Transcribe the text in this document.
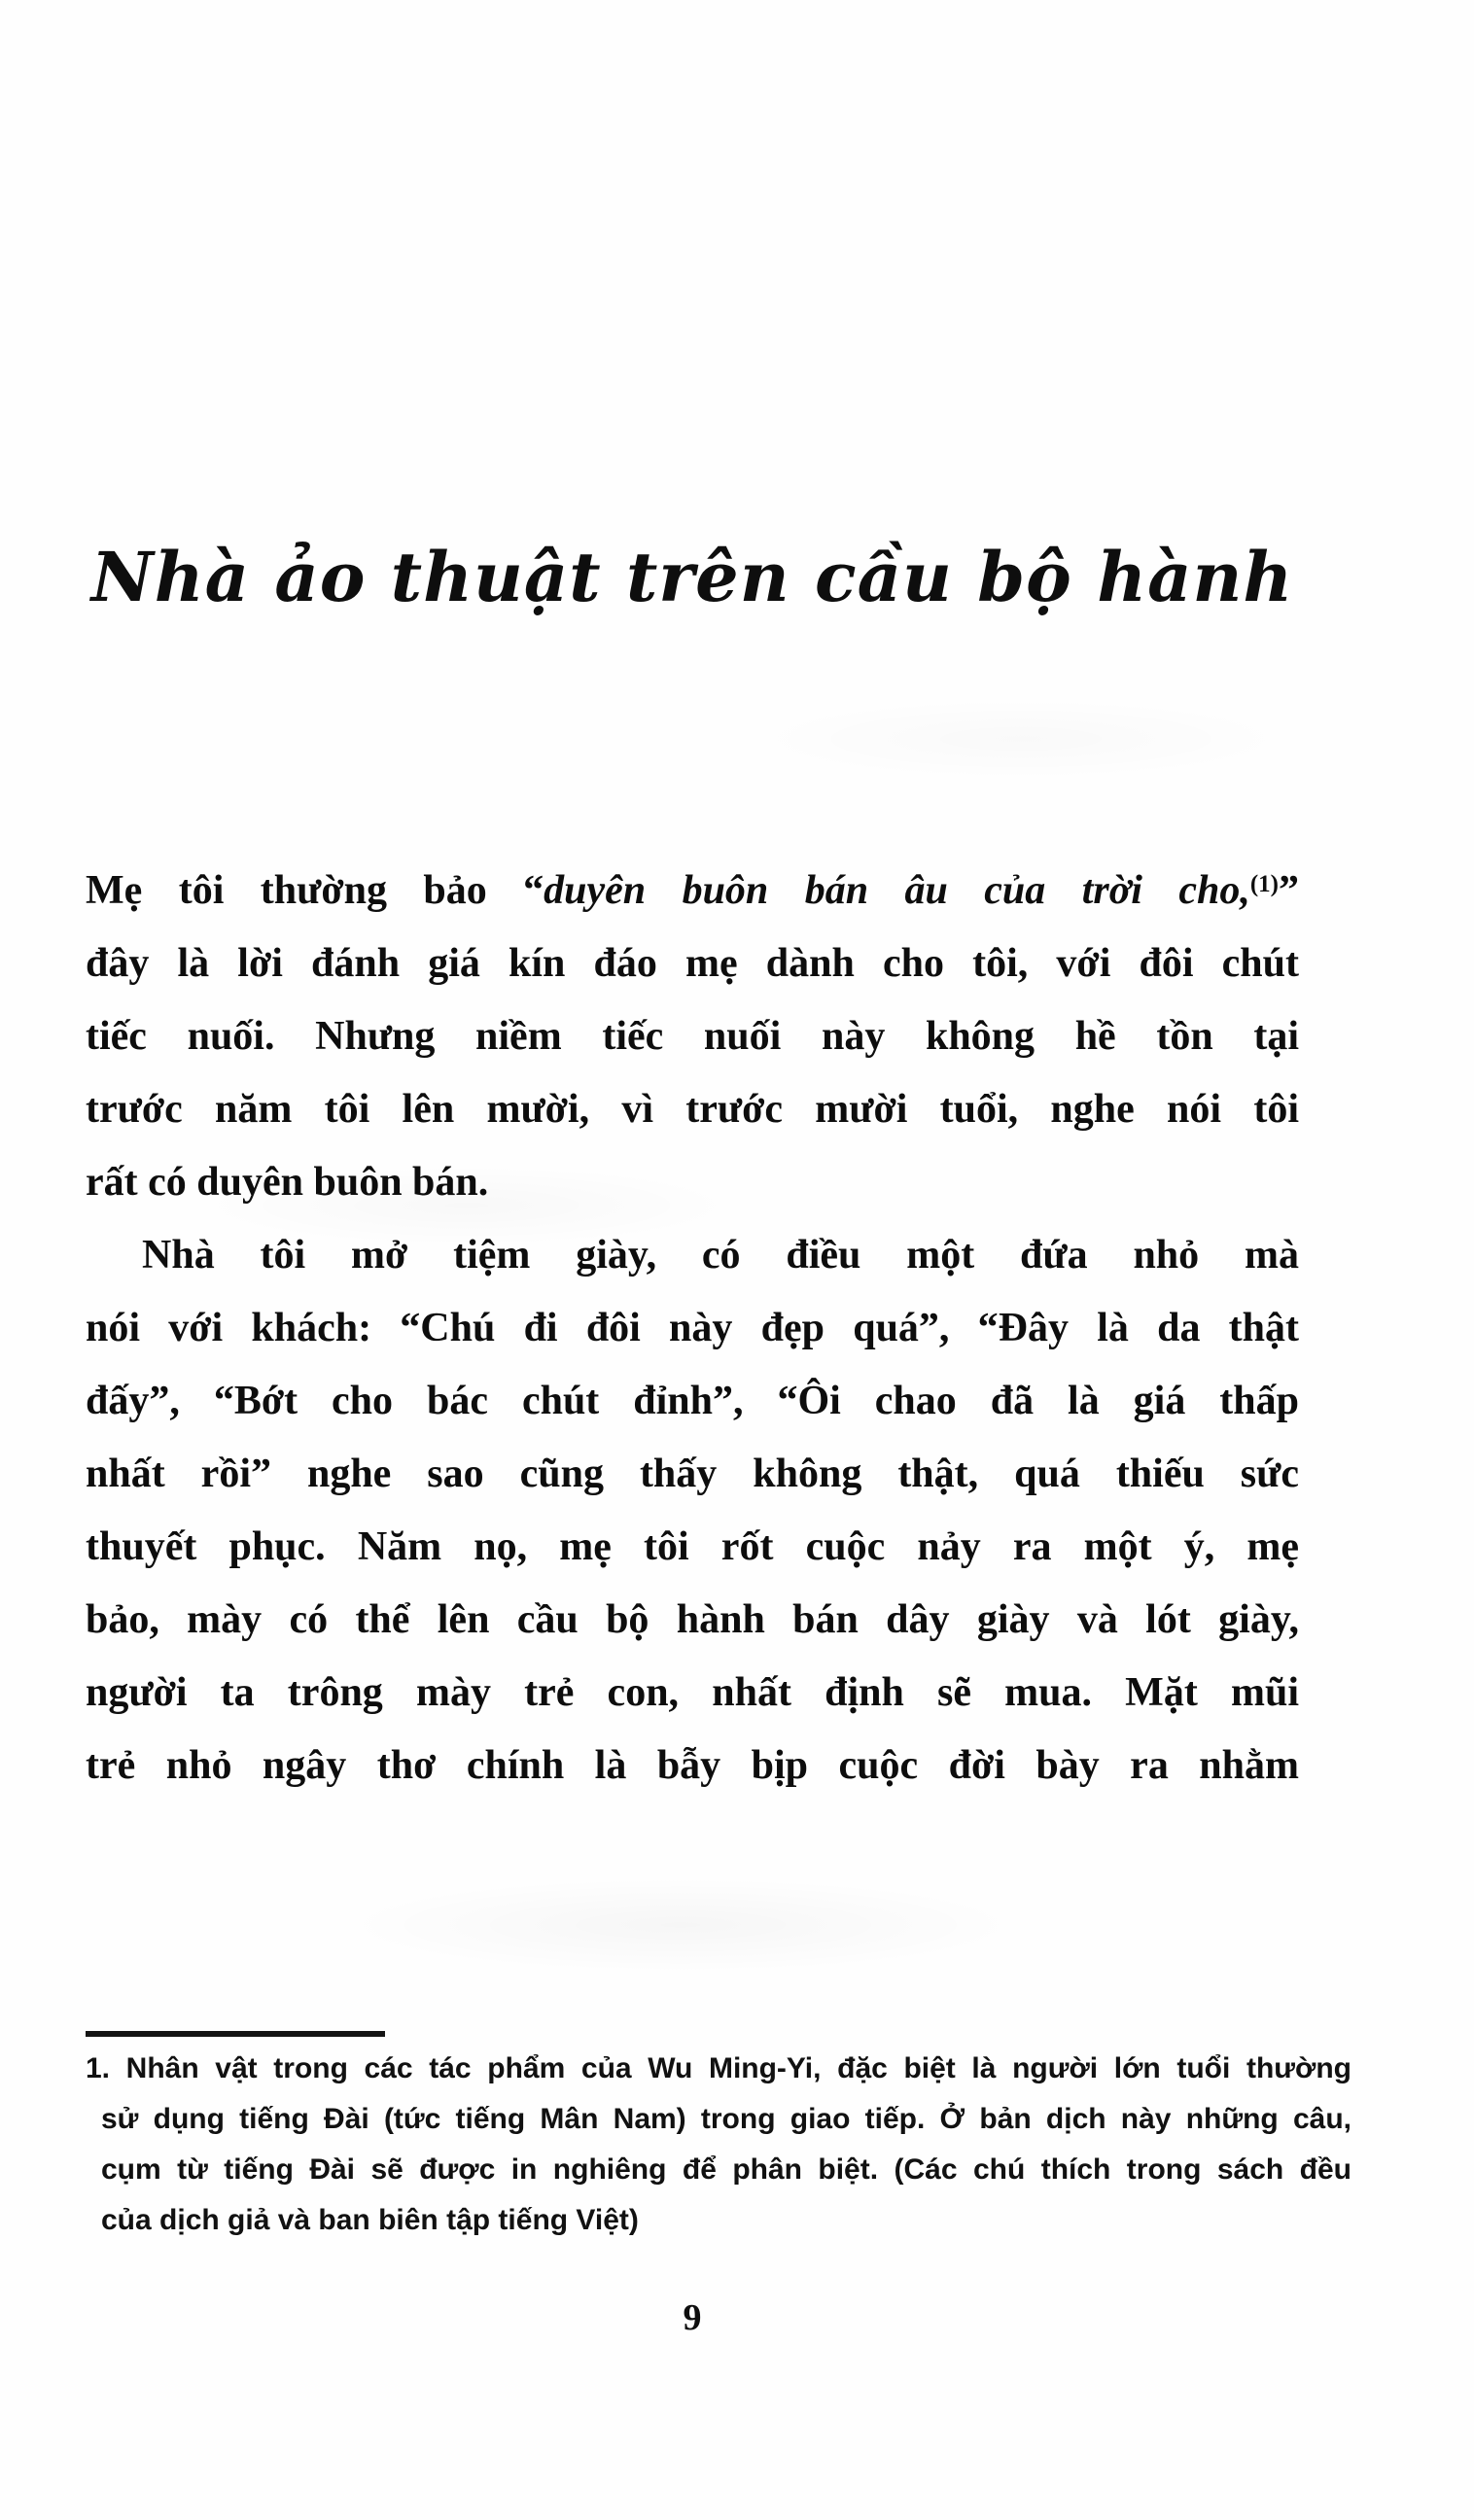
Nhà ảo thuật trên cầu bộ hành
Mẹ tôi thường bảo “duyên buôn bán âu của trời cho,$^{(1)}$”
đây là lời đánh giá kín đáo mẹ dành cho tôi, với đôi chút
tiếc nuối. Nhưng niềm tiếc nuối này không hề tồn tại
trước năm tôi lên mười, vì trước mười tuổi, nghe nói tôi
rất có duyên buôn bán.
Nhà tôi mở tiệm giày, có điều một đứa nhỏ mà
nói với khách: “Chú đi đôi này đẹp quá”, “Đây là da thật
đấy”, “Bớt cho bác chút đỉnh”, “Ôi chao đã là giá thấp
nhất rồi” nghe sao cũng thấy không thật, quá thiếu sức
thuyết phục. Năm nọ, mẹ tôi rốt cuộc nảy ra một ý, mẹ
bảo, mày có thể lên cầu bộ hành bán dây giày và lót giày,
người ta trông mày trẻ con, nhất định sẽ mua. Mặt mũi
trẻ nhỏ ngây thơ chính là bẫy bịp cuộc đời bày ra nhằm
1. Nhân vật trong các tác phẩm của Wu Ming-Yi, đặc biệt là người lớn tuổi thường
sử dụng tiếng Đài (tức tiếng Mân Nam) trong giao tiếp. Ở bản dịch này những câu,
cụm từ tiếng Đài sẽ được in nghiêng để phân biệt. (Các chú thích trong sách đều
của dịch giả và ban biên tập tiếng Việt)
9
